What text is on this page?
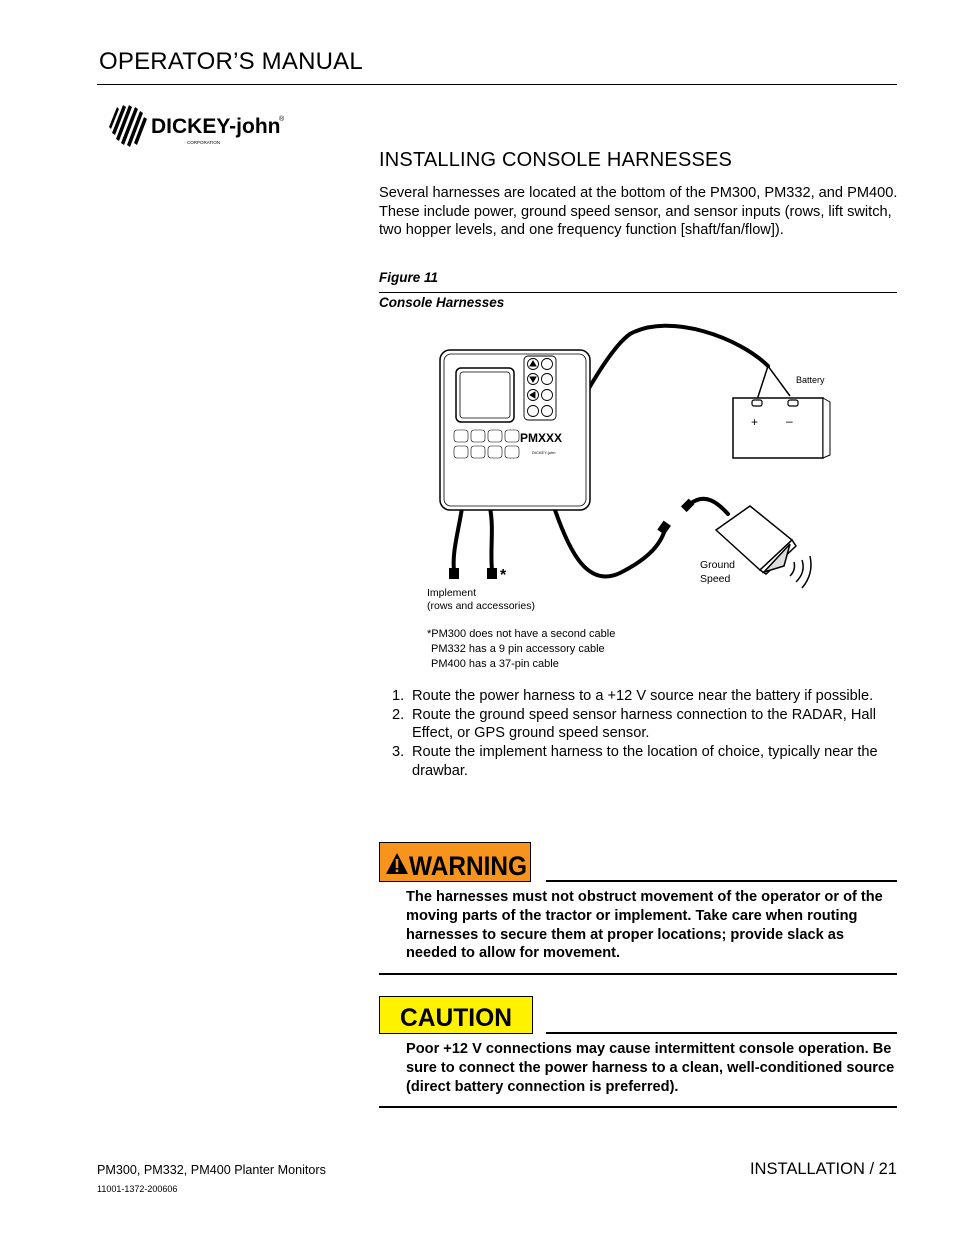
OPERATOR’S MANUAL
DICKEY-john
®
CORPORATION
INSTALLING CONSOLE HARNESSES
Several harnesses are located at the bottom of the PM300, PM332, and PM400. These include power, ground speed sensor, and sensor inputs (rows, lift switch, two hopper levels, and one frequency function [shaft/fan/flow]).
Figure 11
Console Harnesses
PMXXX
DICKEY-john
*
+ –
Battery
Ground
Speed
Implement
(rows and accessories)
*PM300 does not have a second cable
PM332 has a 9 pin accessory cable
PM400 has a 37-pin cable
1. Route the power harness to a +12 V source near the battery if possible.
2. Route the ground speed sensor harness connection to the RADAR, Hall Effect, or GPS ground speed sensor.
3. Route the implement harness to the location of choice, typically near the drawbar.
WARNING
The harnesses must not obstruct movement of the operator or of the moving parts of the tractor or implement. Take care when routing harnesses to secure them at proper locations; provide slack as needed to allow for movement.
CAUTION
Poor +12 V connections may cause intermittent console operation. Be sure to connect the power harness to a clean, well-conditioned source (direct battery connection is preferred).
PM300, PM332, PM400 Planter Monitors
11001-1372-200606
INSTALLATION / 21
